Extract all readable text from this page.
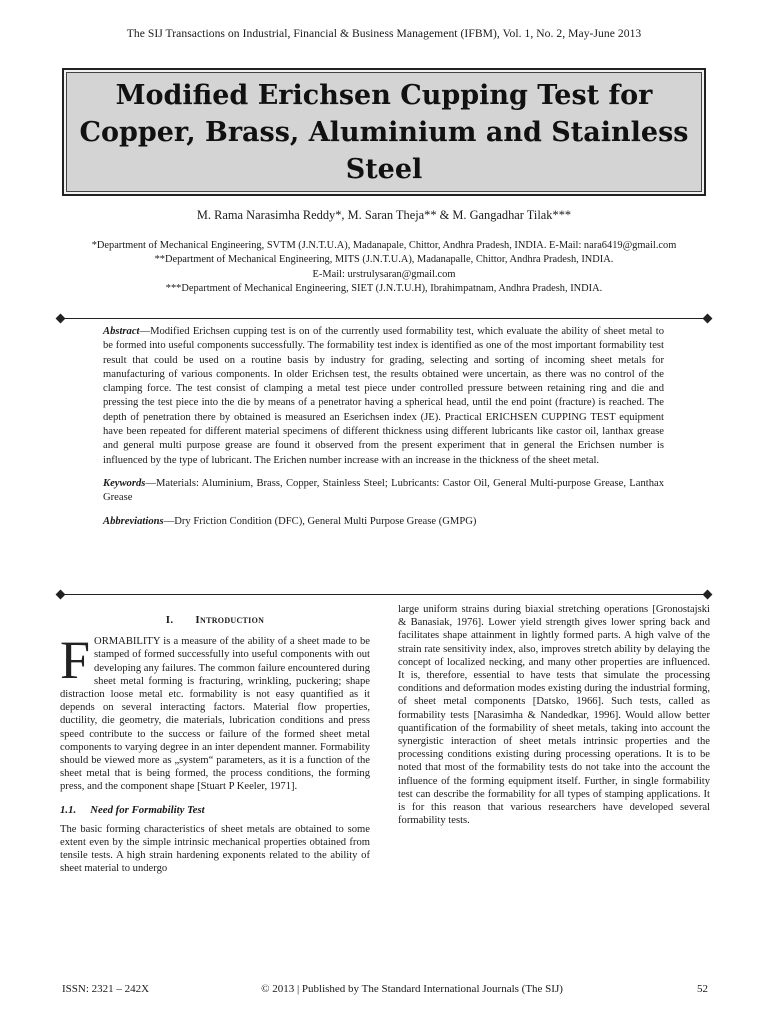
The SIJ Transactions on Industrial, Financial & Business Management (IFBM), Vol. 1, No. 2, May-June 2013
Modified Erichsen Cupping Test for Copper, Brass, Aluminium and Stainless Steel
M. Rama Narasimha Reddy*, M. Saran Theja** & M. Gangadhar Tilak***
*Department of Mechanical Engineering, SVTM (J.N.T.U.A), Madanapale, Chittor, Andhra Pradesh, INDIA. E-Mail: nara6419@gmail.com
**Department of Mechanical Engineering, MITS (J.N.T.U.A), Madanapalle, Chittor, Andhra Pradesh, INDIA.
E-Mail: urstrulysaran@gmail.com
***Department of Mechanical Engineering, SIET (J.N.T.U.H), Ibrahimpatnam, Andhra Pradesh, INDIA.

Abstract—Modified Erichsen cupping test is on of the currently used formability test, which evaluate the ability of sheet metal to be formed into useful components successfully. The formability test index is identified as one of the most important formability test result that could be used on a routine basis by industry for grading, selecting and sorting of incoming sheet metals for manufacturing of various components. In older Erichsen test, the results obtained were uncertain, as there was no control of the clamping force. The test consist of clamping a metal test piece under controlled pressure between retaining ring and die and pressing the test piece into the die by means of a penetrator having a spherical head, until the end point (fracture) is reached. The depth of penetration there by obtained is measured an Eserichsen index (JE). Practical ERICHSEN CUPPING TEST equipment have been repeated for different material specimens of different thickness using different lubricants like castor oil, lanthax grease and general multi purpose grease are found it observed from the present experiment that in general the Erichsen number is influenced by the type of lubricant. The Erichen number increase with an increase in the thickness of the sheet metal.

Keywords—Materials: Aluminium, Brass, Copper, Stainless Steel; Lubricants: Castor Oil, General Multi-purpose Grease, Lanthax Grease

Abbreviations—Dry Friction Condition (DFC), General Multi Purpose Grease (GMPG)

I. Introduction
F ORMABILITY is a measure of the ability of a sheet made to be stamped of formed successfully into useful components with out developing any failures. The common failure encountered during sheet metal forming is fracturing, wrinkling, puckering; shape distraction loose metal etc. formability is not easy quantified as it depends on several interacting factors. Material flow properties, ductility, die geometry, die materials, lubrication conditions and press speed contribute to the success or failure of the formed sheet metal components to varying degree in an inter dependent manner. Formability should be viewed more as „system“ parameters, as it is a function of the sheet metal that is being formed, the process conditions, the forming press, and the component shape [Stuart P Keeler, 1971].

1.1. Need for Formability Test

The basic forming characteristics of sheet metals are obtained to some extent even by the simple intrinsic mechanical properties obtained from tensile tests. A high strain hardening exponents related to the ability of sheet material to undergo

large uniform strains during biaxial stretching operations [Gronostajski & Banasiak, 1976]. Lower yield strength gives lower spring back and facilitates shape attainment in lightly formed parts. A high valve of the strain rate sensitivity index, also, improves stretch ability by delaying the concept of localized necking, and many other properties are influenced. It is, therefore, essential to have tests that simulate the processing conditions and deformation modes existing during the industrial forming, of sheet metal components [Datsko, 1966]. Such tests, called as formability tests [Narasimha & Nandedkar, 1996]. Would allow better quantification of the formability of sheet metals, taking into account the synergistic interaction of sheet metals intrinsic properties and the processing conditions existing during processing operations. It is to be noted that most of the formability tests do not take into the account the influence of the forming equipment itself. Further, in single formability test can describe the formability for all types of stamping applications. It is for this reason that various researchers have developed several formability tests.

ISSN: 2321 – 242X	© 2013 | Published by The Standard International Journals (The SIJ)	52
